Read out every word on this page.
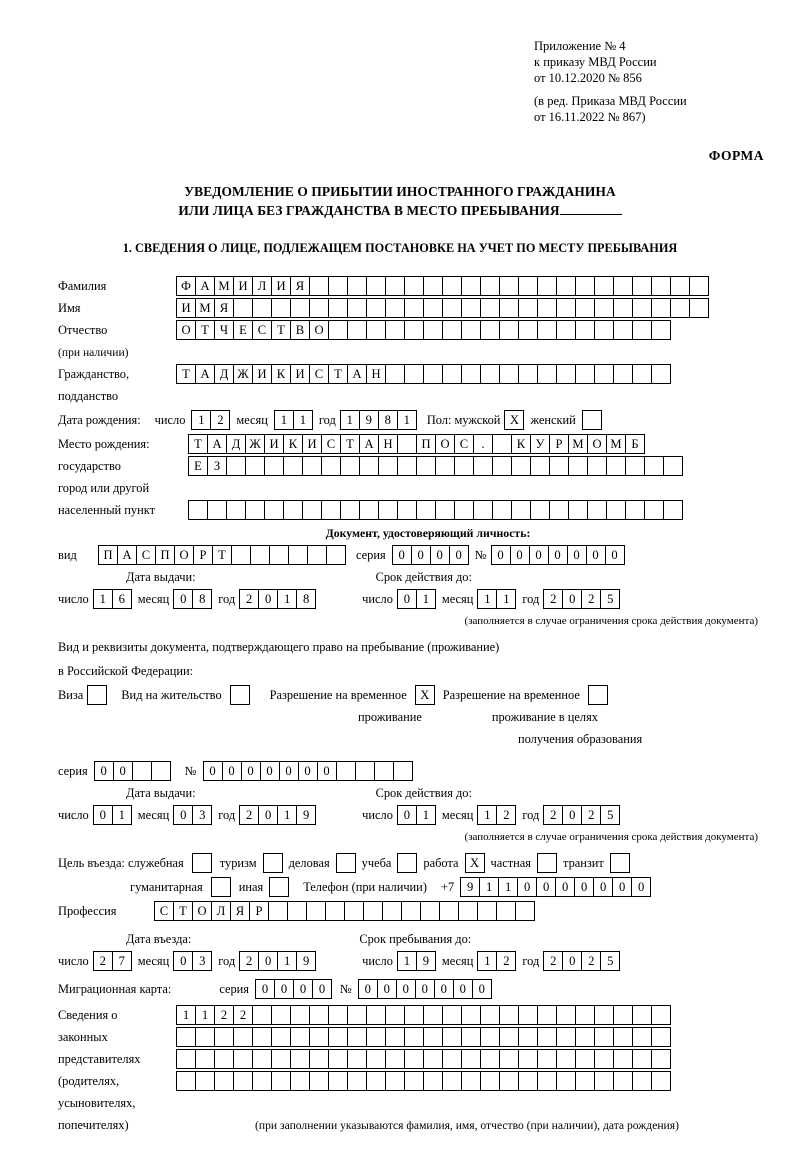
Приложение № 4
к приказу МВД России
от 10.12.2020 № 856
(в ред. Приказа МВД России
от 16.11.2022 № 867)
ФОРМА
УВЕДОМЛЕНИЕ О ПРИБЫТИИ ИНОСТРАННОГО ГРАЖДАНИНА
ИЛИ ЛИЦА БЕЗ ГРАЖДАНСТВА В МЕСТО ПРЕБЫВАНИЯ
1. СВЕДЕНИЯ О ЛИЦЕ, ПОДЛЕЖАЩЕМ ПОСТАНОВКЕ НА УЧЕТ ПО МЕСТУ ПРЕБЫВАНИЯ
Фамилия	Ф А М И Л И Я
Имя	И М Я
Отчество	О Т Ч Е С Т В О
(при наличии)
Гражданство,	Т А Д Ж И К И С Т А Н
подданство
Дата рождения: число	1	2	месяц	1	1	год 1	9	8	1	Пол: мужской X женский
Место рождения:	Т А Д Ж И К И С Т А Н	П О С	.	К У Р М О М Б
государство	Е З
город или другой
населенный пункт
Документ, удостоверяющий личность:
вид	П А С П О Р Т	серия	0	0	0	0	№ 0	0	0	0	0	0	0
Дата выдачи:	Срок действия до:
число 1	6	месяц 0	8	год 2	0	1	8	число 0	1	месяц 1	1	год 2	0	2	5
(заполняется в случае ограничения срока действия документа)
Вид и реквизиты документа, подтверждающего право на пребывание (проживание)
в Российской Федерации:
Виза	Вид на жительство	Разрешение на временное	X	Разрешение на временное
проживание	проживание в целях
получения образования
серия	0	0	№	0	0	0	0	0	0	0
Дата выдачи:	Срок действия до:
число 0	1	месяц 0	3	год 2	0	1	9	число 0	1	месяц 1	2	год 2	0	2	5
(заполняется в случае ограничения срока действия документа)
Цель въезда: служебная	туризм	деловая	учеба	работа X частная	транзит
гуманитарная	иная	Телефон (при наличии) +7	9	1	1	0	0	0	0	0	0	0
Профессия	С Т О Л Я Р
Дата въезда:	Срок пребывания до:
число 2	7	месяц 0	3	год 2	0	1	9	число 1	9	месяц 1	2	год 2	0	2	5
Миграционная карта:	серия	0	0	0	0	№	0	0	0	0	0	0	0
Сведения о	1	1	2	2
законных
представителях
(родителях,
усыновителях,
попечителях)	(при заполнении указываются фамилия, имя, отчество (при наличии), дата рождения)
